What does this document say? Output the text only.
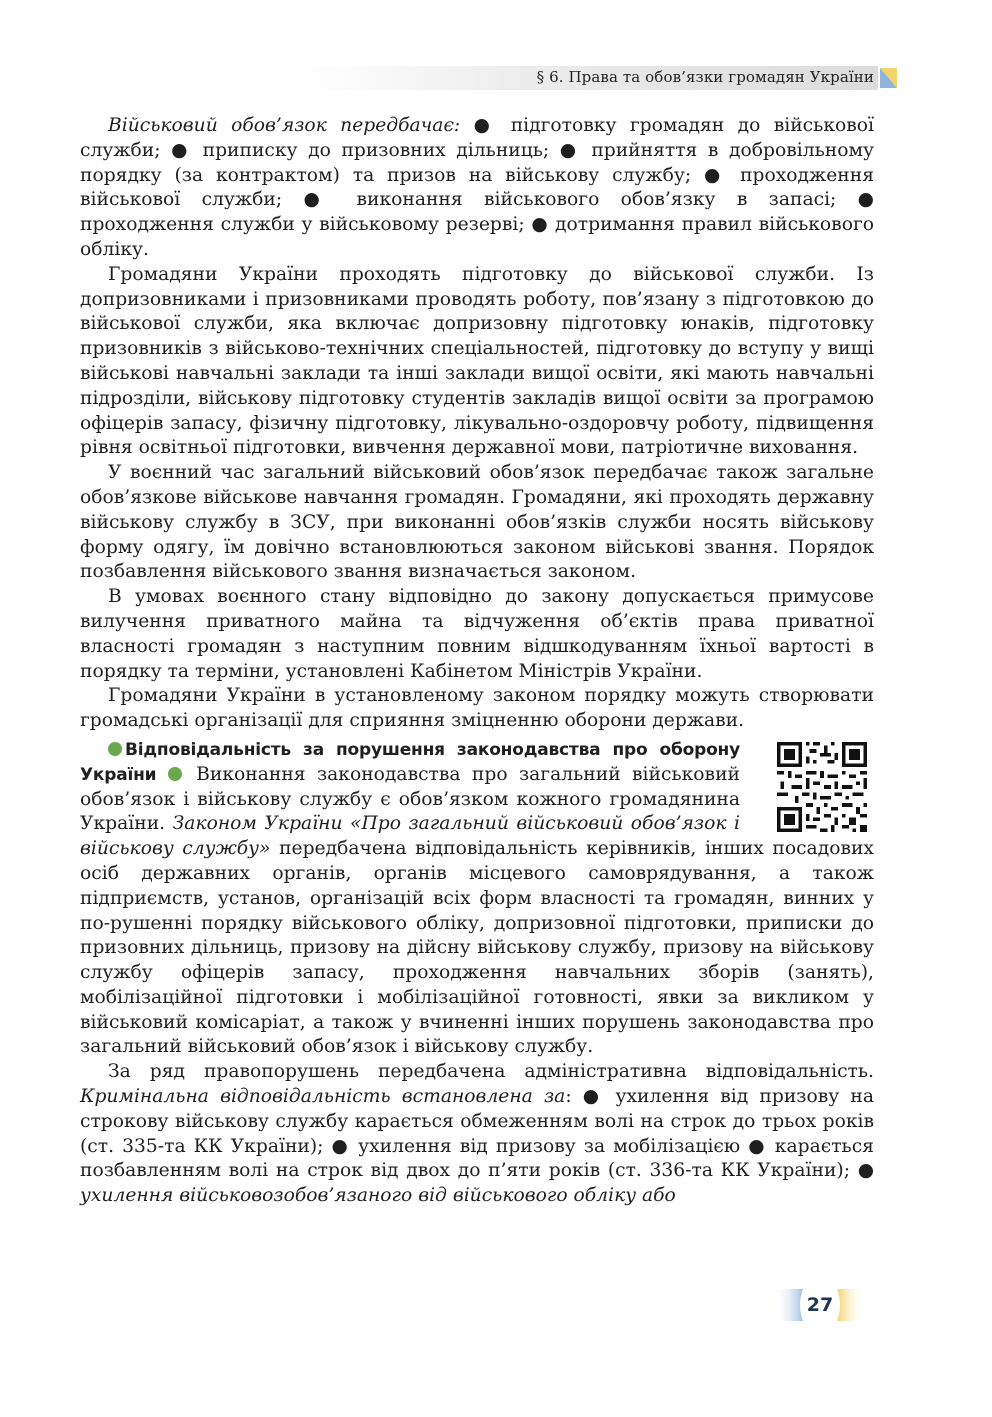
§ 6. Права та обов’язки громадян України

Військовий обов’язок передбачає: ● підготовку громадян до військової служби; ● приписку до призовних дільниць; ● прийняття в добровільному порядку (за контрактом) та призов на військову службу; ● проходження військової служби; ● виконання військового обов’язку в запасі; ● проходження служби у військовому резерві; ● дотримання правил військового обліку.

Громадяни України проходять підготовку до військової служби. Із допризовниками і призовниками проводять роботу, пов’язану з підготовкою до військової служби, яка включає допризовну підготовку юнаків, підготовку призовників з військово-технічних спеціальностей, підготовку до вступу у вищі військові навчальні заклади та інші заклади вищої освіти, які мають навчальні підрозділи, військову підготовку студентів закладів вищої освіти за програмою офіцерів запасу, фізичну підготовку, лікувально-оздоровчу роботу, підвищення рівня освітньої підготовки, вивчення державної мови, патріотичне виховання.

У воєнний час загальний військовий обов’язок передбачає також загальне обов’язкове військове навчання громадян. Громадяни, які проходять державну військову службу в ЗСУ, при виконанні обов’язків служби носять військову форму одягу, їм довічно встановлюються законом військові звання. Порядок позбавлення військового звання визначається законом.

В умовах воєнного стану відповідно до закону допускається примусове вилучення приватного майна та відчуження об’єктів права приватної власності громадян з наступним повним відшкодуванням їхньої вартості в порядку та терміни, установлені Кабінетом Міністрів України.

Громадяни України в установленому законом порядку можуть створювати громадські організації для сприяння зміцненню оборони держави.

Відповідальність за порушення законодавства про оборону України Виконання законодавства про загальний військовий обов’язок і військову службу є обов’язком кожного громадянина України. Законом України «Про загальний військовий обов’язок і військову службу» передбачена відповідальність керівників, інших посадових осіб державних органів, органів місцевого самоврядування, а також підприємств, установ, організацій всіх форм власності та громадян, винних у по-рушенні порядку військового обліку, допризовної підготовки, приписки до призовних дільниць, призову на дійсну військову службу, призову на військову службу офіцерів запасу, проходження навчальних зборів (занять), мобілізаційної підготовки і мобілізаційної готовності, явки за викликом у військовий комісаріат, а також у вчиненні інших порушень законодавства про загальний військовий обов’язок і військову службу.

За ряд правопорушень передбачена адміністративна відповідальність. Кримінальна відповідальність встановлена за: ● ухилення від призову на строкову військову службу карається обмеженням волі на строк до трьох років (ст. 335-та КК України); ● ухилення від призову за мобілізацією ● карається позбавленням волі на строк від двох до п’яти років (ст. 336-та КК України); ● ухилення військовозобов’язаного від військового обліку або

27
